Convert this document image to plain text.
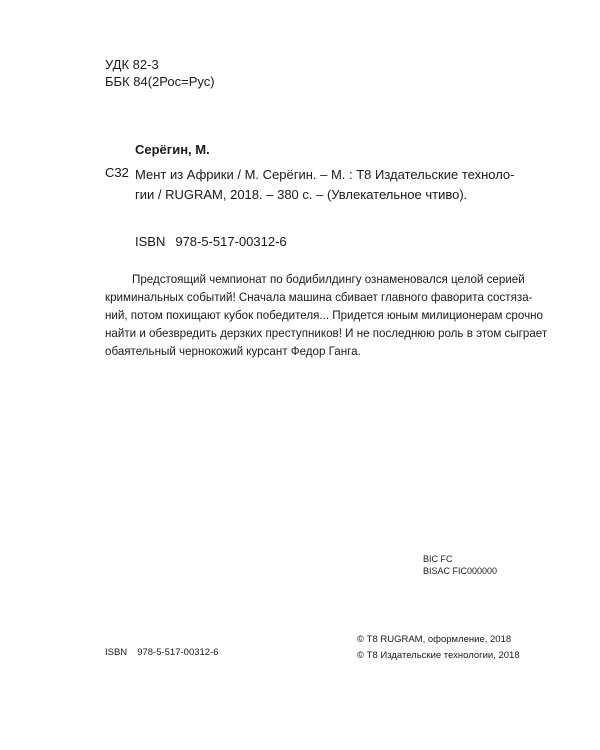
УДК 82-3
ББК 84(2Рос=Рус)
Серёгин, М.
С32 Мент из Африки / М. Серёгин. – М. : Т8 Издательские техноло-
гии / RUGRAM, 2018. – 380 с. – (Увлекательное чтиво).
ISBN 978-5-517-00312-6
Предстоящий чемпионат по бодибилдингу ознаменовался целой серией
криминальных событий! Сначала машина сбивает главного фаворита состяза-
ний, потом похищают кубок победителя... Придется юным милиционерам срочно
найти и обезвредить дерзких преступников! И не последнюю роль в этом сыграет
обаятельный чернокожий курсант Федор Ганга.
BIC FC
BISAC FIC000000
© Т8 RUGRAM, оформление, 2018
© Т8 Издательские технологии, 2018
ISBN 978-5-517-00312-6
